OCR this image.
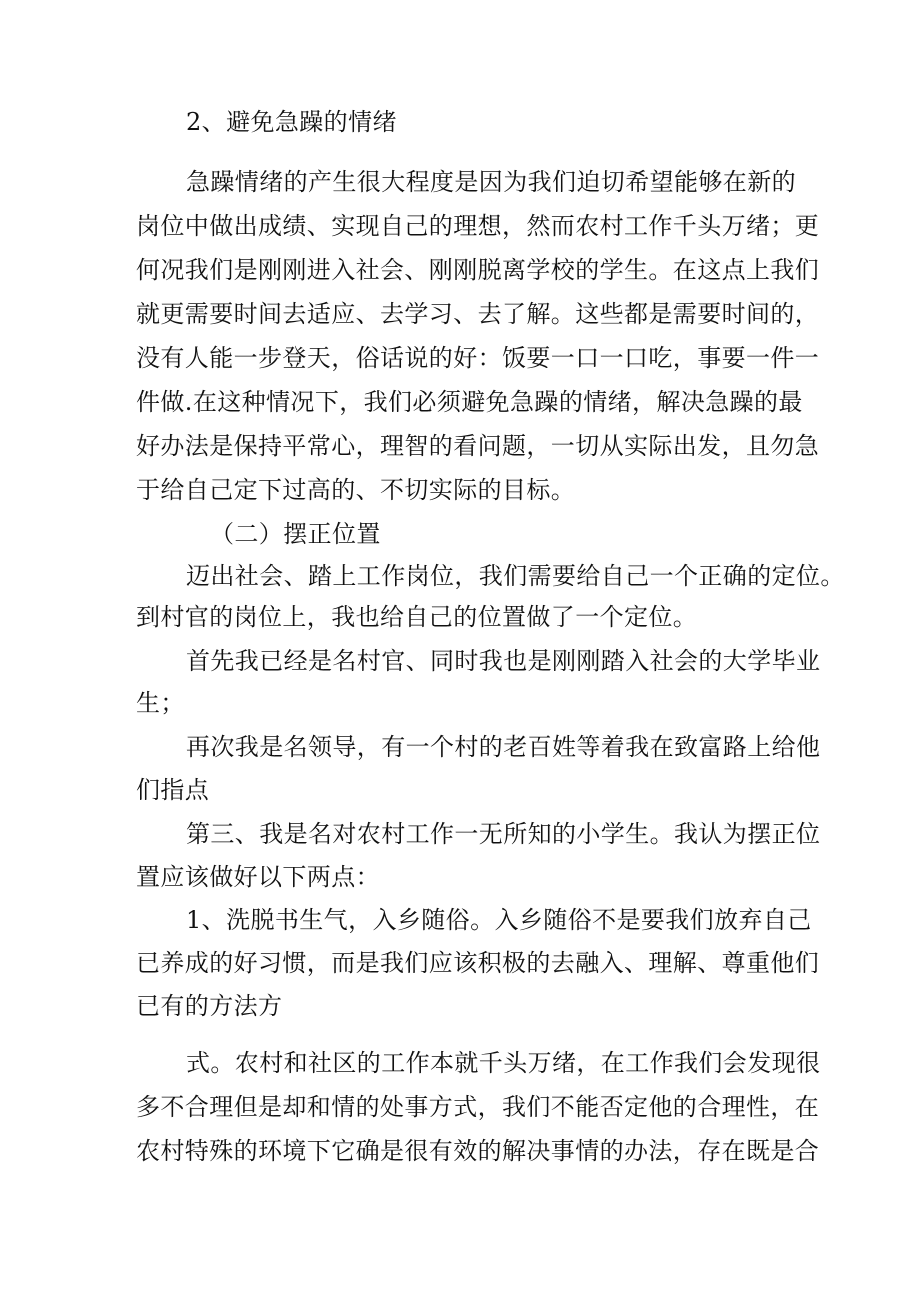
2、避免急躁的情绪
急躁情绪的产生很大程度是因为我们迫切希望能够在新的
岗位中做出成绩、实现自己的理想，然而农村工作千头万绪；更
何况我们是刚刚进入社会、刚刚脱离学校的学生。在这点上我们
就更需要时间去适应、去学习、去了解。这些都是需要时间的，
没有人能一步登天，俗话说的好：饭要一口一口吃，事要一件一
件做.在这种情况下，我们必须避免急躁的情绪，解决急躁的最
好办法是保持平常心，理智的看问题，一切从实际出发，且勿急
于给自己定下过高的、不切实际的目标。
（二）摆正位置
迈出社会、踏上工作岗位，我们需要给自己一个正确的定位。
到村官的岗位上，我也给自己的位置做了一个定位。
首先我已经是名村官、同时我也是刚刚踏入社会的大学毕业
生；
再次我是名领导，有一个村的老百姓等着我在致富路上给他
们指点
第三、我是名对农村工作一无所知的小学生。我认为摆正位
置应该做好以下两点：
1、洗脱书生气，入乡随俗。入乡随俗不是要我们放弃自己
已养成的好习惯，而是我们应该积极的去融入、理解、尊重他们
已有的方法方
式。农村和社区的工作本就千头万绪，在工作我们会发现很
多不合理但是却和情的处事方式，我们不能否定他的合理性，在
农村特殊的环境下它确是很有效的解决事情的办法，存在既是合
